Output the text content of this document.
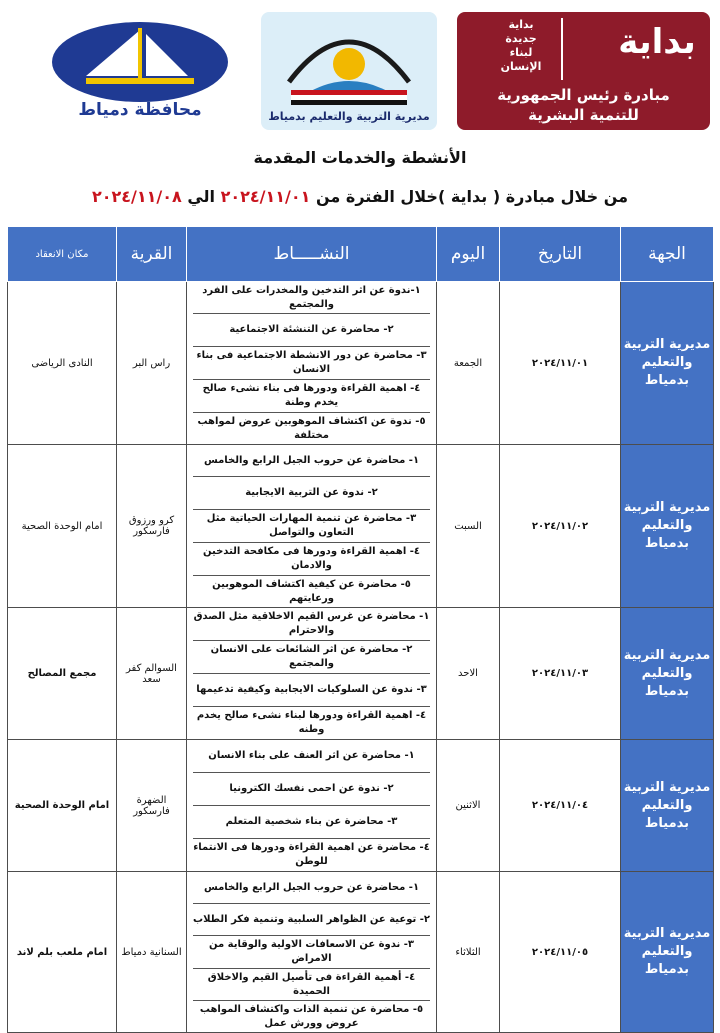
محافظة دمياط	مديرية التربية والتعليم بدمياط
بداية
بداية
جديدة
لبناء
الإنسان
مبادرة رئيس الجمهورية
للتنمية البشرية
الأنشطة والخدمات المقدمة
من خلال مبادرة ( بداية )خلال الفترة من ٢٠٢٤/١١/٠١ الي ٢٠٢٤/١١/٠٨
الجهة	التاريخ	اليوم	النشـــــاط	القرية	مكان الانعقاد
مديرية التربية والتعليم بدمياط	٢٠٢٤/١١/٠١	الجمعة	١-ندوة عن اثر التدخين والمخدرات على الفرد والمجتمع
٢- محاضرة عن التنشئة الاجتماعية
٣- محاضرة عن دور الانشطة الاجتماعية فى بناء الانسان
٤- اهمية القراءة ودورها فى بناء نشىء صالح يخدم وطنة
٥- ندوة عن اكتشاف الموهوبين عروض لمواهب مختلفة	راس البر	النادى الرياضى
مديرية التربية والتعليم بدمياط	٢٠٢٤/١١/٠٢	السبت	١- محاضرة عن حروب الجيل الرابع والخامس
٢- ندوة عن التربية الايجابية
٣- محاضرة عن تنمية المهارات الحياتية مثل التعاون والتواصل
٤- اهمية القراءة ودورها فى مكافحة التدخين والادمان
٥- محاضرة عن كيفية اكتشاف الموهوبين ورعايتهم	كرو ورزوق فارسكور	امام الوحدة الصحية
مديرية التربية والتعليم بدمياط	٢٠٢٤/١١/٠٣	الاحد	١- محاضرة عن غرس القيم الاخلاقية مثل الصدق والاحترام
٢- محاضرة عن اثر الشائعات على الانسان والمجتمع
٣- ندوة عن السلوكيات الايجابية وكيفية تدعيمها
٤- اهمية القراءة ودورها لبناء نشىء صالح يخدم وطنه	السوالم كفر سعد	مجمع المصالح
مديرية التربية والتعليم بدمياط	٢٠٢٤/١١/٠٤	الاثنين	١- محاضرة عن اثر العنف على بناء الانسان
٢- ندوة عن احمى نفسك الكترونيا
٣- محاضرة عن بناء شخصية المتعلم
٤- محاضرة عن اهمية القراءة ودورها فى الانتماء للوطن	الضهرة فارسكور	امام الوحدة الصحية
مديرية التربية والتعليم بدمياط	٢٠٢٤/١١/٠٥	الثلاثاء	١- محاضرة عن حروب الجيل الرابع والخامس
٢- توعية عن الظواهر السلبية وتنمية فكر الطلاب
٣- ندوة عن الاسعافات الاولية والوقاية من الامراض
٤- أهمية القراءة فى تأصيل القيم والاخلاق الحميدة
٥- محاضرة عن تنمية الذات واكتشاف المواهب عروض وورش عمل	السنانية دمياط	امام ملعب بلم لاند
